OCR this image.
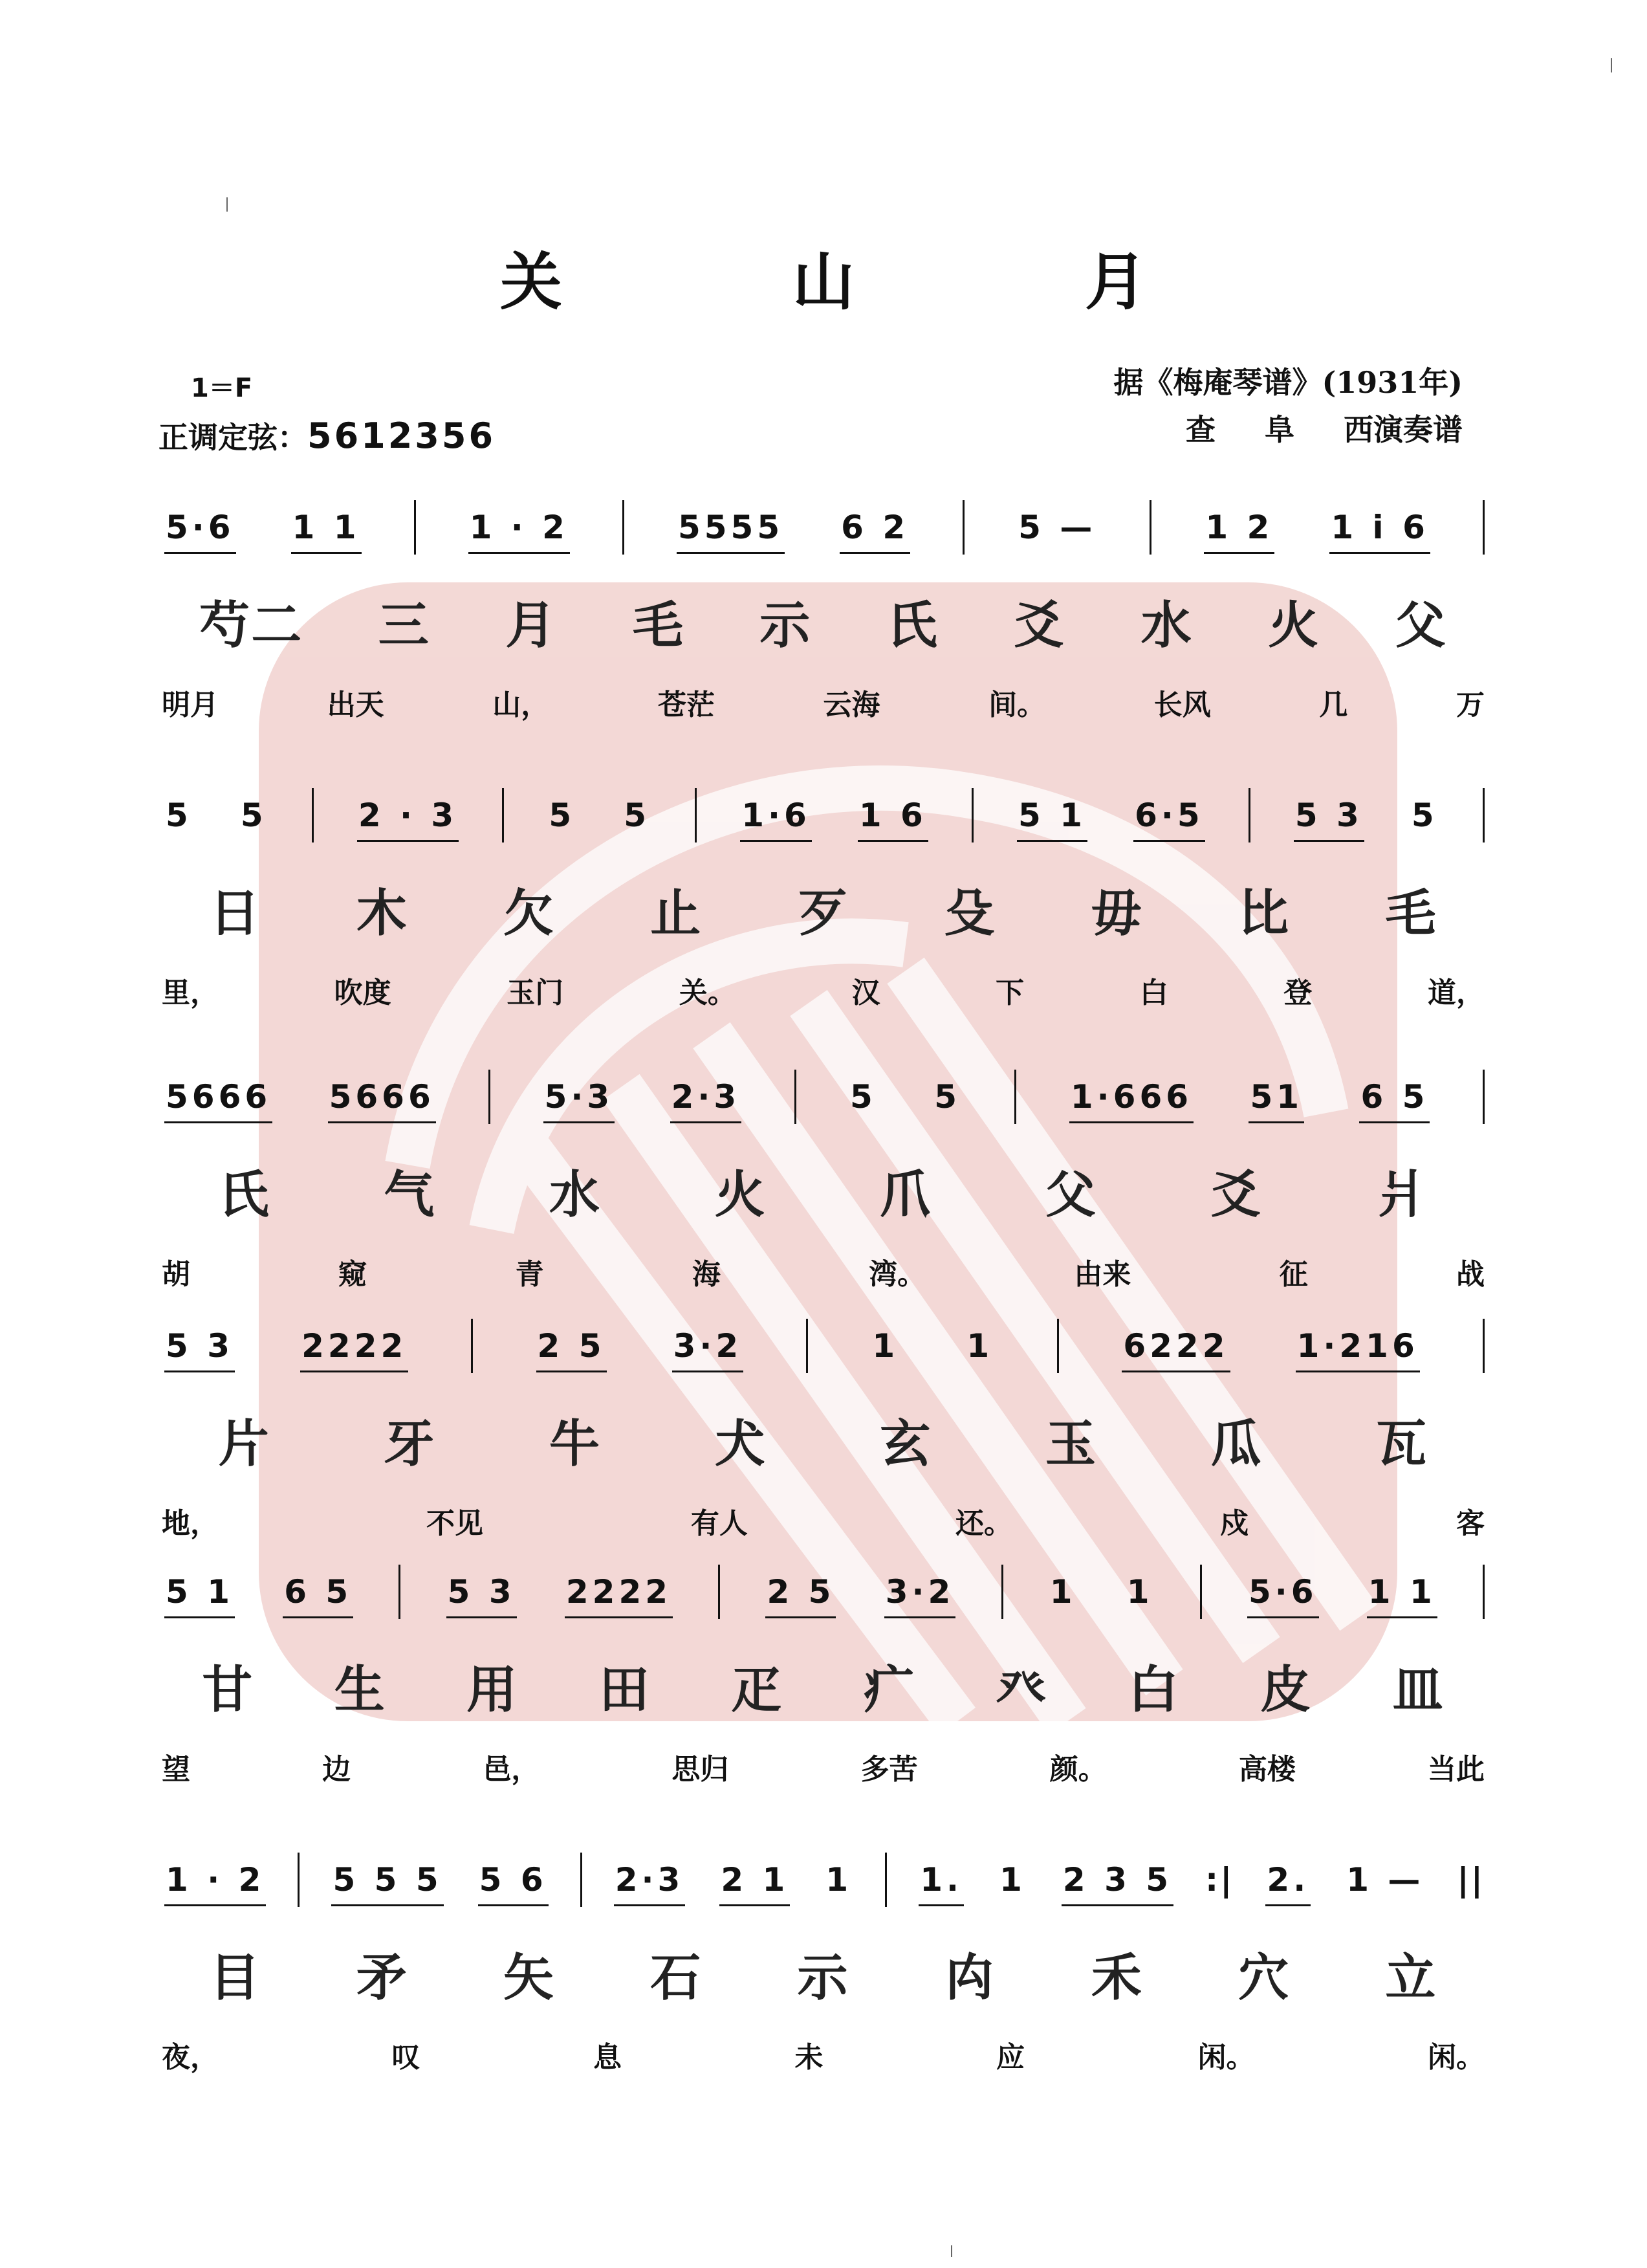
关　山　月
1＝F
正调定弦：5612356
据《梅庵琴谱》(1931年)
查 阜 西演奏谱
5·6 1 1	1 · 2	5555 6 2	5 —	1 2 1 i 6
芍二 三 ⽉ ⽑ ⽰ ⽒ ⽘ ⽔ ⽕ ⽗
明月	出天	山，	苍茫	云海	间。	长风	几	万
5 5	2 · 3	5 5	1·6 1 6	5 1 6·5	5 3 5
⽇ ⽊ ⽋ ⽌ ⽍ ⽎ ⽏ ⽐ ⽑
里，	吹度	玉门	关。	汉	下	白	登	道，
5666 5666	5·3 2·3	5 5	1·666 51 6 5
⽒ ⽓ ⽔ ⽕ ⽖ ⽗ ⽘ ⽙
胡	窥	青	海	湾。	由来	征	战
5 3 2222	2 5 3·2	1 1	6222 1·216
⽚ ⽛ ⽜ ⽝ ⽞ ⽟ ⽠ ⽡
地，	不见	有人	还。	戍	客
5 1 6 5	5 3 2222	2 5 3·2	1 1	5·6 1 1
⽢ ⽣ ⽤ ⽥ ⽦ ⽧ ⽨ ⽩ ⽪ ⽫
望	边	邑，	思归	多苦	颜。	高楼	当此
1 · 2 5 5 5 5 6 2·3 2 1 1 1. 1 2 3 5 :| 2. 1 — ||
⽬ ⽭ ⽮ ⽯ ⽰ ⽱ ⽲ ⽳ ⽴
夜，	叹	息	未	应	闲。	闲。
